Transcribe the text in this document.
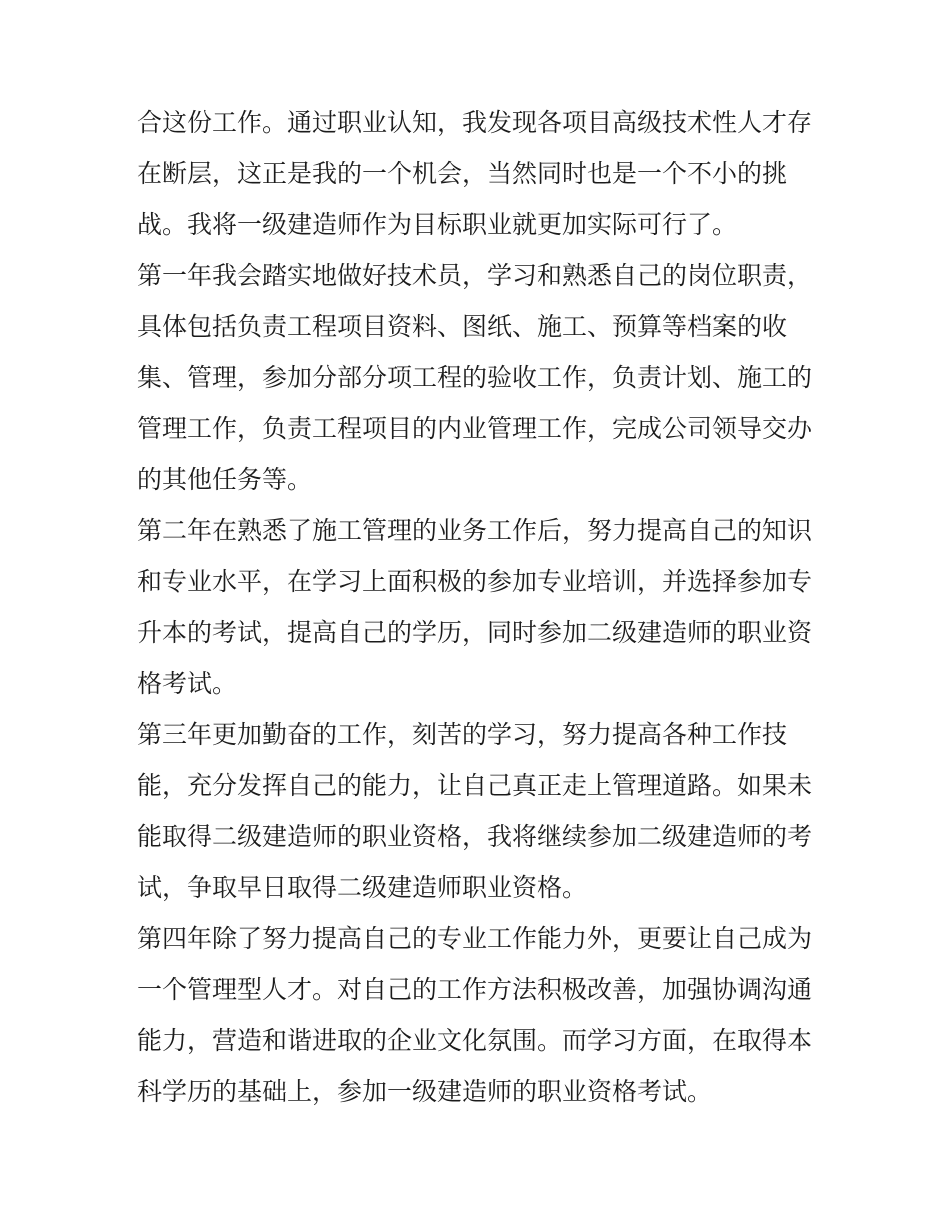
合这份工作。通过职业认知，我发现各项目高级技术性人才存
在断层，这正是我的一个机会，当然同时也是一个不小的挑
战。我将一级建造师作为目标职业就更加实际可行了。
第一年我会踏实地做好技术员，学习和熟悉自己的岗位职责，
具体包括负责工程项目资料、图纸、施工、预算等档案的收
集、管理，参加分部分项工程的验收工作，负责计划、施工的
管理工作，负责工程项目的内业管理工作，完成公司领导交办
的其他任务等。
第二年在熟悉了施工管理的业务工作后，努力提高自己的知识
和专业水平，在学习上面积极的参加专业培训，并选择参加专
升本的考试，提高自己的学历，同时参加二级建造师的职业资
格考试。
第三年更加勤奋的工作，刻苦的学习，努力提高各种工作技
能，充分发挥自己的能力，让自己真正走上管理道路。如果未
能取得二级建造师的职业资格，我将继续参加二级建造师的考
试，争取早日取得二级建造师职业资格。
第四年除了努力提高自己的专业工作能力外，更要让自己成为
一个管理型人才。对自己的工作方法积极改善，加强协调沟通
能力，营造和谐进取的企业文化氛围。而学习方面，在取得本
科学历的基础上，参加一级建造师的职业资格考试。
